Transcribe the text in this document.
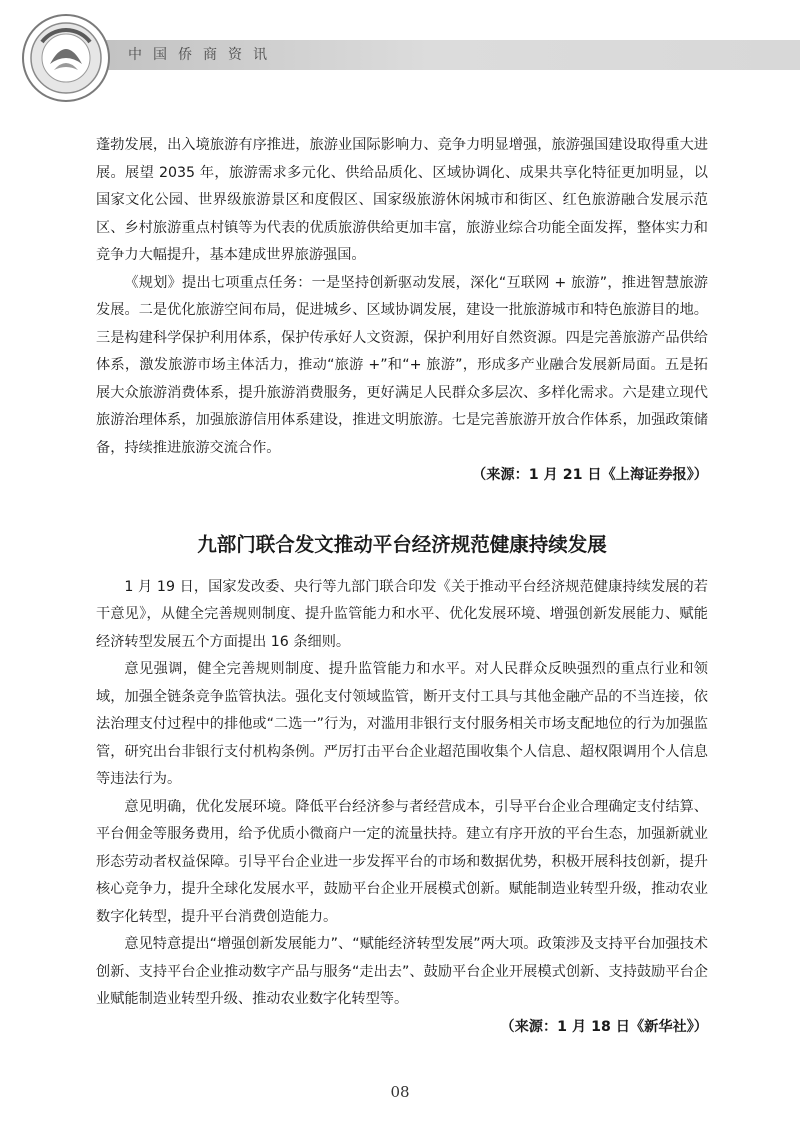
中国侨商资讯

蓬勃发展，出入境旅游有序推进，旅游业国际影响力、竞争力明显增强，旅游强国建设取得重大进展。展望 2035 年，旅游需求多元化、供给品质化、区域协调化、成果共享化特征更加明显，以国家文化公园、世界级旅游景区和度假区、国家级旅游休闲城市和街区、红色旅游融合发展示范区、乡村旅游重点村镇等为代表的优质旅游供给更加丰富，旅游业综合功能全面发挥，整体实力和竞争力大幅提升，基本建成世界旅游强国。

《规划》提出七项重点任务：一是坚持创新驱动发展，深化“互联网 + 旅游”，推进智慧旅游发展。二是优化旅游空间布局，促进城乡、区域协调发展，建设一批旅游城市和特色旅游目的地。三是构建科学保护利用体系，保护传承好人文资源，保护利用好自然资源。四是完善旅游产品供给体系，激发旅游市场主体活力，推动“旅游 +”和“+ 旅游”，形成多产业融合发展新局面。五是拓展大众旅游消费体系，提升旅游消费服务，更好满足人民群众多层次、多样化需求。六是建立现代旅游治理体系，加强旅游信用体系建设，推进文明旅游。七是完善旅游开放合作体系，加强政策储备，持续推进旅游交流合作。

（来源：1 月 21 日《上海证券报》）

九部门联合发文推动平台经济规范健康持续发展

1 月 19 日，国家发改委、央行等九部门联合印发《关于推动平台经济规范健康持续发展的若干意见》，从健全完善规则制度、提升监管能力和水平、优化发展环境、增强创新发展能力、赋能经济转型发展五个方面提出 16 条细则。

意见强调，健全完善规则制度、提升监管能力和水平。对人民群众反映强烈的重点行业和领域，加强全链条竞争监管执法。强化支付领域监管，断开支付工具与其他金融产品的不当连接，依法治理支付过程中的排他或“二选一”行为，对滥用非银行支付服务相关市场支配地位的行为加强监管，研究出台非银行支付机构条例。严厉打击平台企业超范围收集个人信息、超权限调用个人信息等违法行为。

意见明确，优化发展环境。降低平台经济参与者经营成本，引导平台企业合理确定支付结算、平台佣金等服务费用，给予优质小微商户一定的流量扶持。建立有序开放的平台生态，加强新就业形态劳动者权益保障。引导平台企业进一步发挥平台的市场和数据优势，积极开展科技创新，提升核心竞争力，提升全球化发展水平，鼓励平台企业开展模式创新。赋能制造业转型升级，推动农业数字化转型，提升平台消费创造能力。

意见特意提出“增强创新发展能力”、“赋能经济转型发展”两大项。政策涉及支持平台加强技术创新、支持平台企业推动数字产品与服务“走出去”、鼓励平台企业开展模式创新、支持鼓励平台企业赋能制造业转型升级、推动农业数字化转型等。

（来源：1 月 18 日《新华社》）

08
